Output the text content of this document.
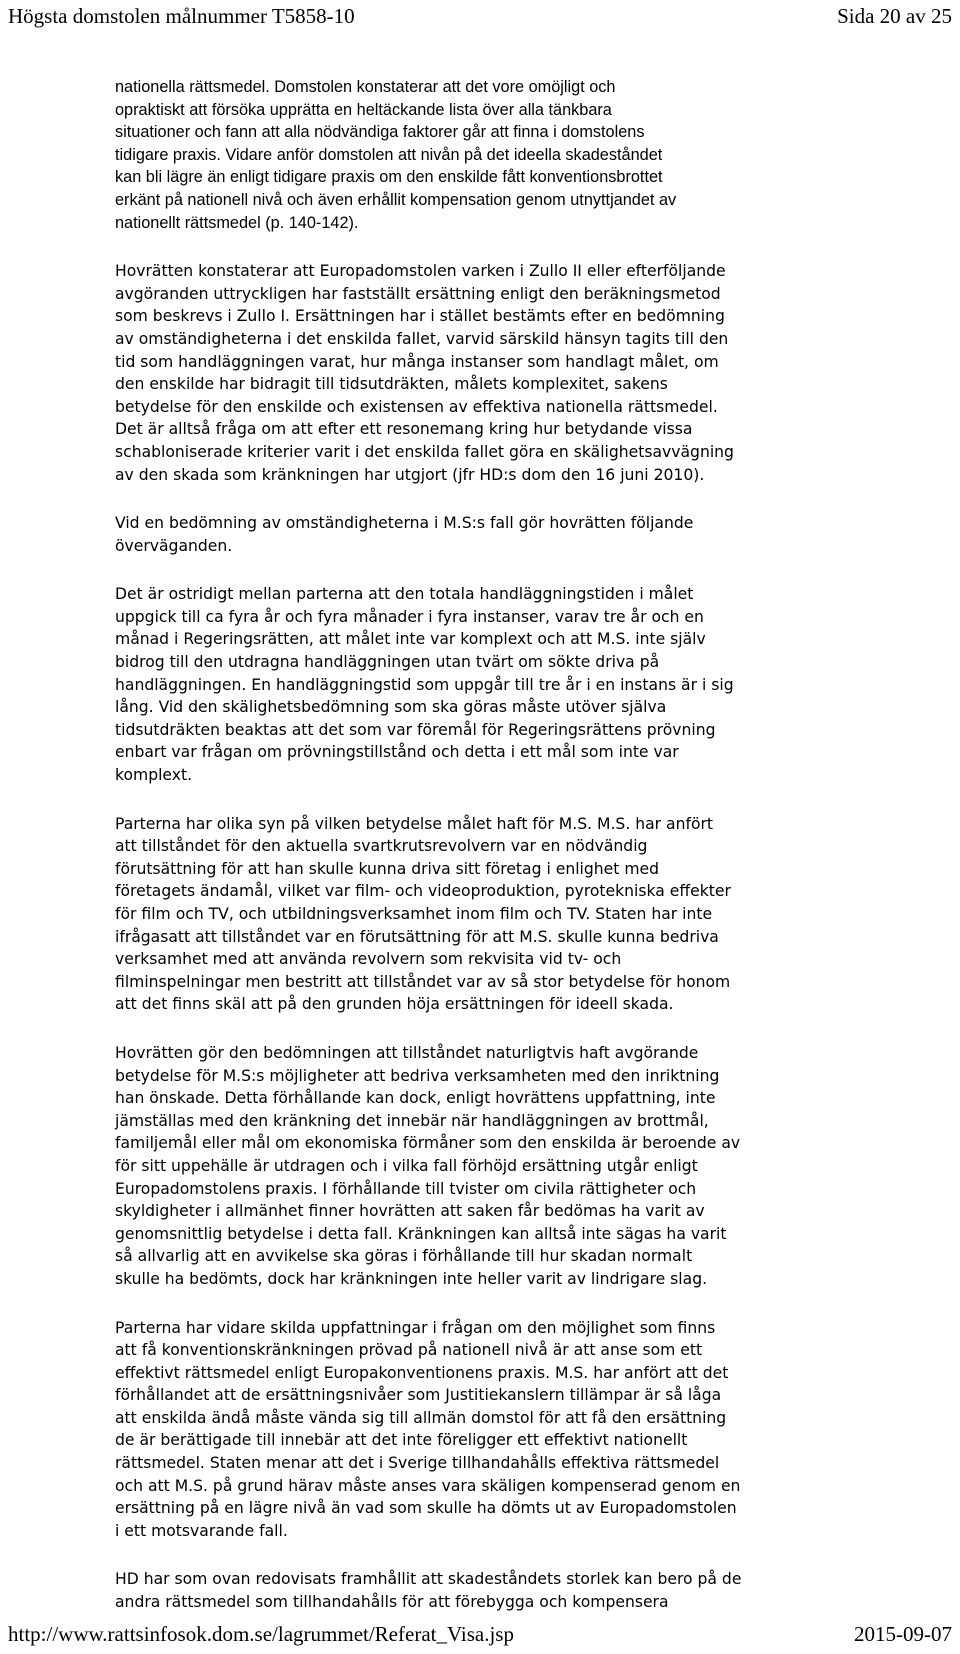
Högsta domstolen målnummer T5858-10	Sida 20 av 25

nationella rättsmedel. Domstolen konstaterar att det vore omöjligt och
opraktiskt att försöka upprätta en heltäckande lista över alla tänkbara
situationer och fann att alla nödvändiga faktorer går att finna i domstolens
tidigare praxis. Vidare anför domstolen att nivån på det ideella skadeståndet
kan bli lägre än enligt tidigare praxis om den enskilde fått konventionsbrottet
erkänt på nationell nivå och även erhållit kompensation genom utnyttjandet av
nationellt rättsmedel (p. 140-142).

Hovrätten konstaterar att Europadomstolen varken i Zullo II eller efterföljande
avgöranden uttryckligen har fastställt ersättning enligt den beräkningsmetod
som beskrevs i Zullo I. Ersättningen har i stället bestämts efter en bedömning
av omständigheterna i det enskilda fallet, varvid särskild hänsyn tagits till den
tid som handläggningen varat, hur många instanser som handlagt målet, om
den enskilde har bidragit till tidsutdräkten, målets komplexitet, sakens
betydelse för den enskilde och existensen av effektiva nationella rättsmedel.
Det är alltså fråga om att efter ett resonemang kring hur betydande vissa
schabloniserade kriterier varit i det enskilda fallet göra en skälighetsavvägning
av den skada som kränkningen har utgjort (jfr HD:s dom den 16 juni 2010).

Vid en bedömning av omständigheterna i M.S:s fall gör hovrätten följande
överväganden.

Det är ostridigt mellan parterna att den totala handläggningstiden i målet
uppgick till ca fyra år och fyra månader i fyra instanser, varav tre år och en
månad i Regeringsrätten, att målet inte var komplext och att M.S. inte själv
bidrog till den utdragna handläggningen utan tvärt om sökte driva på
handläggningen. En handläggningstid som uppgår till tre år i en instans är i sig
lång. Vid den skälighetsbedömning som ska göras måste utöver själva
tidsutdräkten beaktas att det som var föremål för Regeringsrättens prövning
enbart var frågan om prövningstillstånd och detta i ett mål som inte var
komplext.

Parterna har olika syn på vilken betydelse målet haft för M.S. M.S. har anfört
att tillståndet för den aktuella svartkrutsrevolvern var en nödvändig
förutsättning för att han skulle kunna driva sitt företag i enlighet med
företagets ändamål, vilket var film- och videoproduktion, pyrotekniska effekter
för film och TV, och utbildningsverksamhet inom film och TV. Staten har inte
ifrågasatt att tillståndet var en förutsättning för att M.S. skulle kunna bedriva
verksamhet med att använda revolvern som rekvisita vid tv- och
filminspelningar men bestritt att tillståndet var av så stor betydelse för honom
att det finns skäl att på den grunden höja ersättningen för ideell skada.

Hovrätten gör den bedömningen att tillståndet naturligtvis haft avgörande
betydelse för M.S:s möjligheter att bedriva verksamheten med den inriktning
han önskade. Detta förhållande kan dock, enligt hovrättens uppfattning, inte
jämställas med den kränkning det innebär när handläggningen av brottmål,
familjemål eller mål om ekonomiska förmåner som den enskilda är beroende av
för sitt uppehälle är utdragen och i vilka fall förhöjd ersättning utgår enligt
Europadomstolens praxis. I förhållande till tvister om civila rättigheter och
skyldigheter i allmänhet finner hovrätten att saken får bedömas ha varit av
genomsnittlig betydelse i detta fall. Kränkningen kan alltså inte sägas ha varit
så allvarlig att en avvikelse ska göras i förhållande till hur skadan normalt
skulle ha bedömts, dock har kränkningen inte heller varit av lindrigare slag.

Parterna har vidare skilda uppfattningar i frågan om den möjlighet som finns
att få konventionskränkningen prövad på nationell nivå är att anse som ett
effektivt rättsmedel enligt Europakonventionens praxis. M.S. har anfört att det
förhållandet att de ersättningsnivåer som Justitiekanslern tillämpar är så låga
att enskilda ändå måste vända sig till allmän domstol för att få den ersättning
de är berättigade till innebär att det inte föreligger ett effektivt nationellt
rättsmedel. Staten menar att det i Sverige tillhandahålls effektiva rättsmedel
och att M.S. på grund härav måste anses vara skäligen kompenserad genom en
ersättning på en lägre nivå än vad som skulle ha dömts ut av Europadomstolen
i ett motsvarande fall.

HD har som ovan redovisats framhållit att skadeståndets storlek kan bero på de
andra rättsmedel som tillhandahålls för att förebygga och kompensera

http://www.rattsinfosok.dom.se/lagrummet/Referat_Visa.jsp	2015-09-07
